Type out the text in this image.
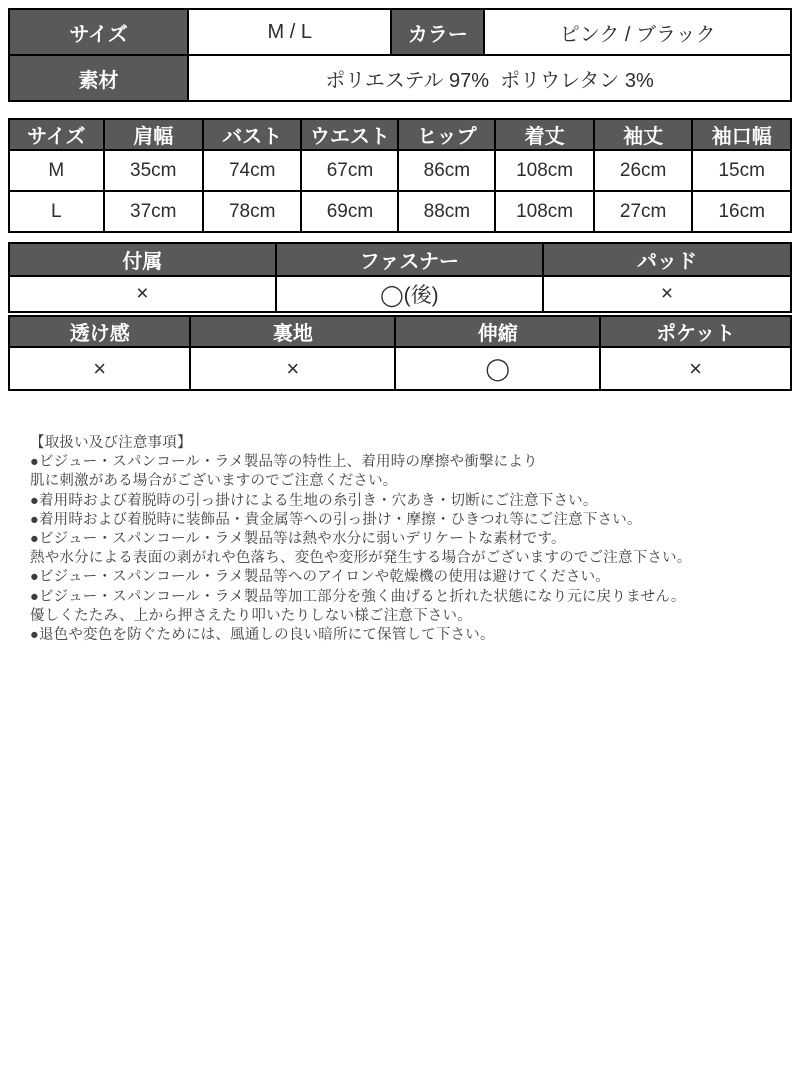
サイズ	M / L	カラー	ピンク / ブラック
素材	ポリエステル 97%  ポリウレタン 3%		
サイズ	肩幅	バスト	ウエスト	ヒップ	着丈	袖丈	袖口幅
M	35cm	74cm	67cm	86cm	108cm	26cm	15cm
L	37cm	78cm	69cm	88cm	108cm	27cm	16cm
付属	ファスナー	パッド
×	◯(後)	×
透け感	裏地	伸縮	ポケット
×	×	◯	×
【取扱い及び注意事項】
●ビジュー・スパンコール・ラメ製品等の特性上、着用時の摩擦や衝撃により
肌に刺激がある場合がございますのでご注意ください。
●着用時および着脱時の引っ掛けによる生地の糸引き・穴あき・切断にご注意下さい。
●着用時および着脱時に装飾品・貴金属等への引っ掛け・摩擦・ひきつれ等にご注意下さい。
●ビジュー・スパンコール・ラメ製品等は熱や水分に弱いデリケートな素材です。
熱や水分による表面の剥がれや色落ち、変色や変形が発生する場合がございますのでご注意下さい。
●ビジュー・スパンコール・ラメ製品等へのアイロンや乾燥機の使用は避けてください。
●ビジュー・スパンコール・ラメ製品等加工部分を強く曲げると折れた状態になり元に戻りません。
優しくたたみ、上から押さえたり叩いたりしない様ご注意下さい。
●退色や変色を防ぐためには、風通しの良い暗所にて保管して下さい。
